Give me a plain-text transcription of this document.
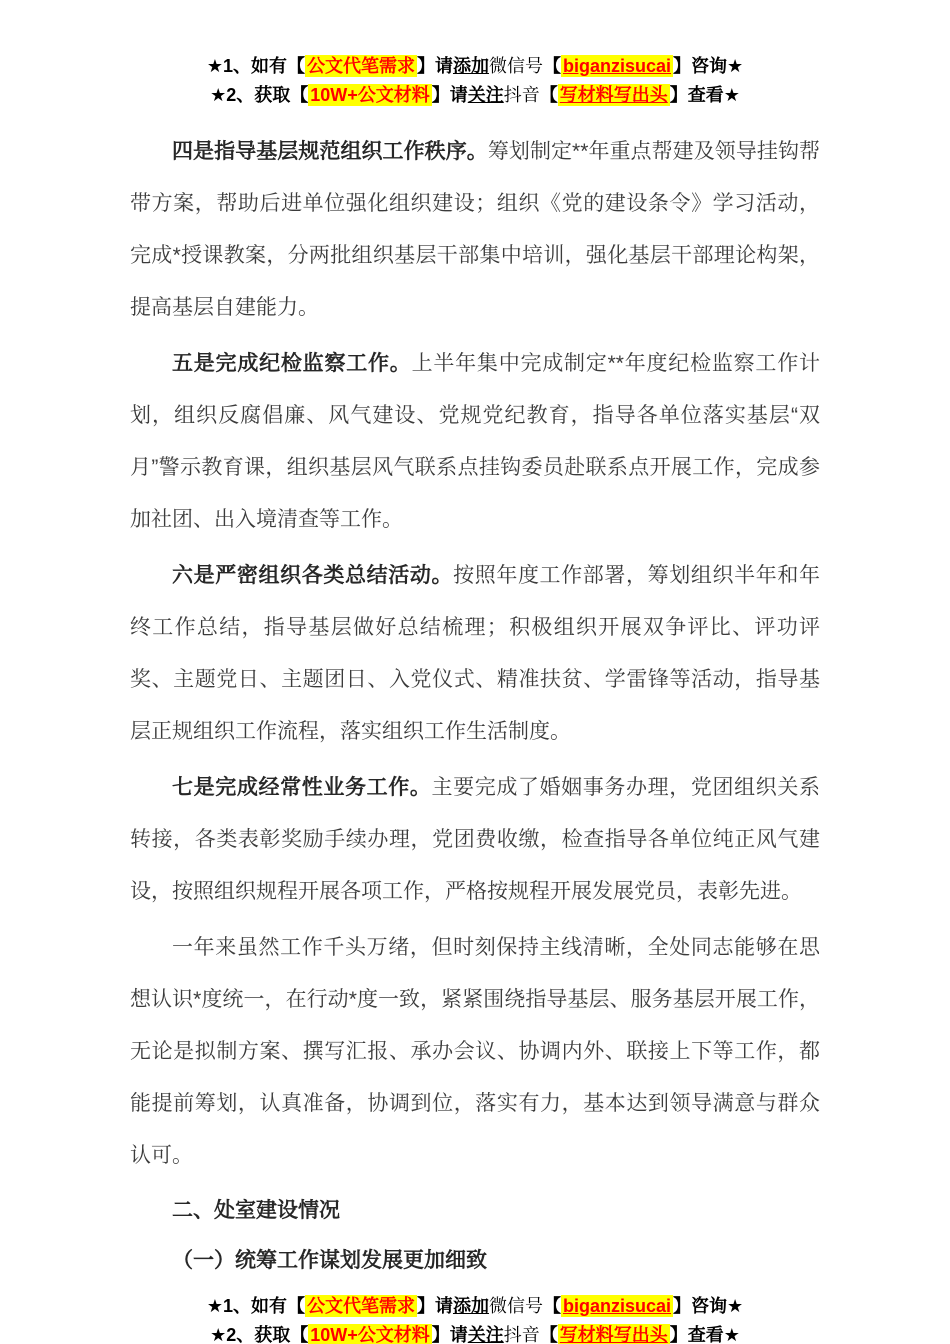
★1、如有【 公文代笔需求 】请添加微信号【 biganzisucai 】咨询★
★2、获取【 10W+公文材料 】请关注抖音【 写材料写出头 】查看★

四是指导基层规范组织工作秩序。筹划制定**年重点帮建及领导挂钩帮带方案，帮助后进单位强化组织建设；组织《党的建设条令》学习活动，完成*授课教案，分两批组织基层干部集中培训，强化基层干部理论构架，提高基层自建能力。

五是完成纪检监察工作。上半年集中完成制定**年度纪检监察工作计划，组织反腐倡廉、风气建设、党规党纪教育，指导各单位落实基层“双月”警示教育课，组织基层风气联系点挂钩委员赴联系点开展工作，完成参加社团、出入境清查等工作。

六是严密组织各类总结活动。按照年度工作部署，筹划组织半年和年终工作总结，指导基层做好总结梳理；积极组织开展双争评比、评功评奖、主题党日、主题团日、入党仪式、精准扶贫、学雷锋等活动，指导基层正规组织工作流程，落实组织工作生活制度。

七是完成经常性业务工作。主要完成了婚姻事务办理，党团组织关系转接，各类表彰奖励手续办理，党团费收缴，检查指导各单位纯正风气建设，按照组织规程开展各项工作，严格按规程开展发展党员，表彰先进。

一年来虽然工作千头万绪，但时刻保持主线清晰，全处同志能够在思想认识*度统一，在行动*度一致，紧紧围绕指导基层、服务基层开展工作，无论是拟制方案、撰写汇报、承办会议、协调内外、联接上下等工作，都能提前筹划，认真准备，协调到位，落实有力，基本达到领导满意与群众认可。

二、处室建设情况

（一）统筹工作谋划发展更加细致

★1、如有【 公文代笔需求 】请添加微信号【 biganzisucai 】咨询★
★2、获取【 10W+公文材料 】请关注抖音【 写材料写出头 】查看★
